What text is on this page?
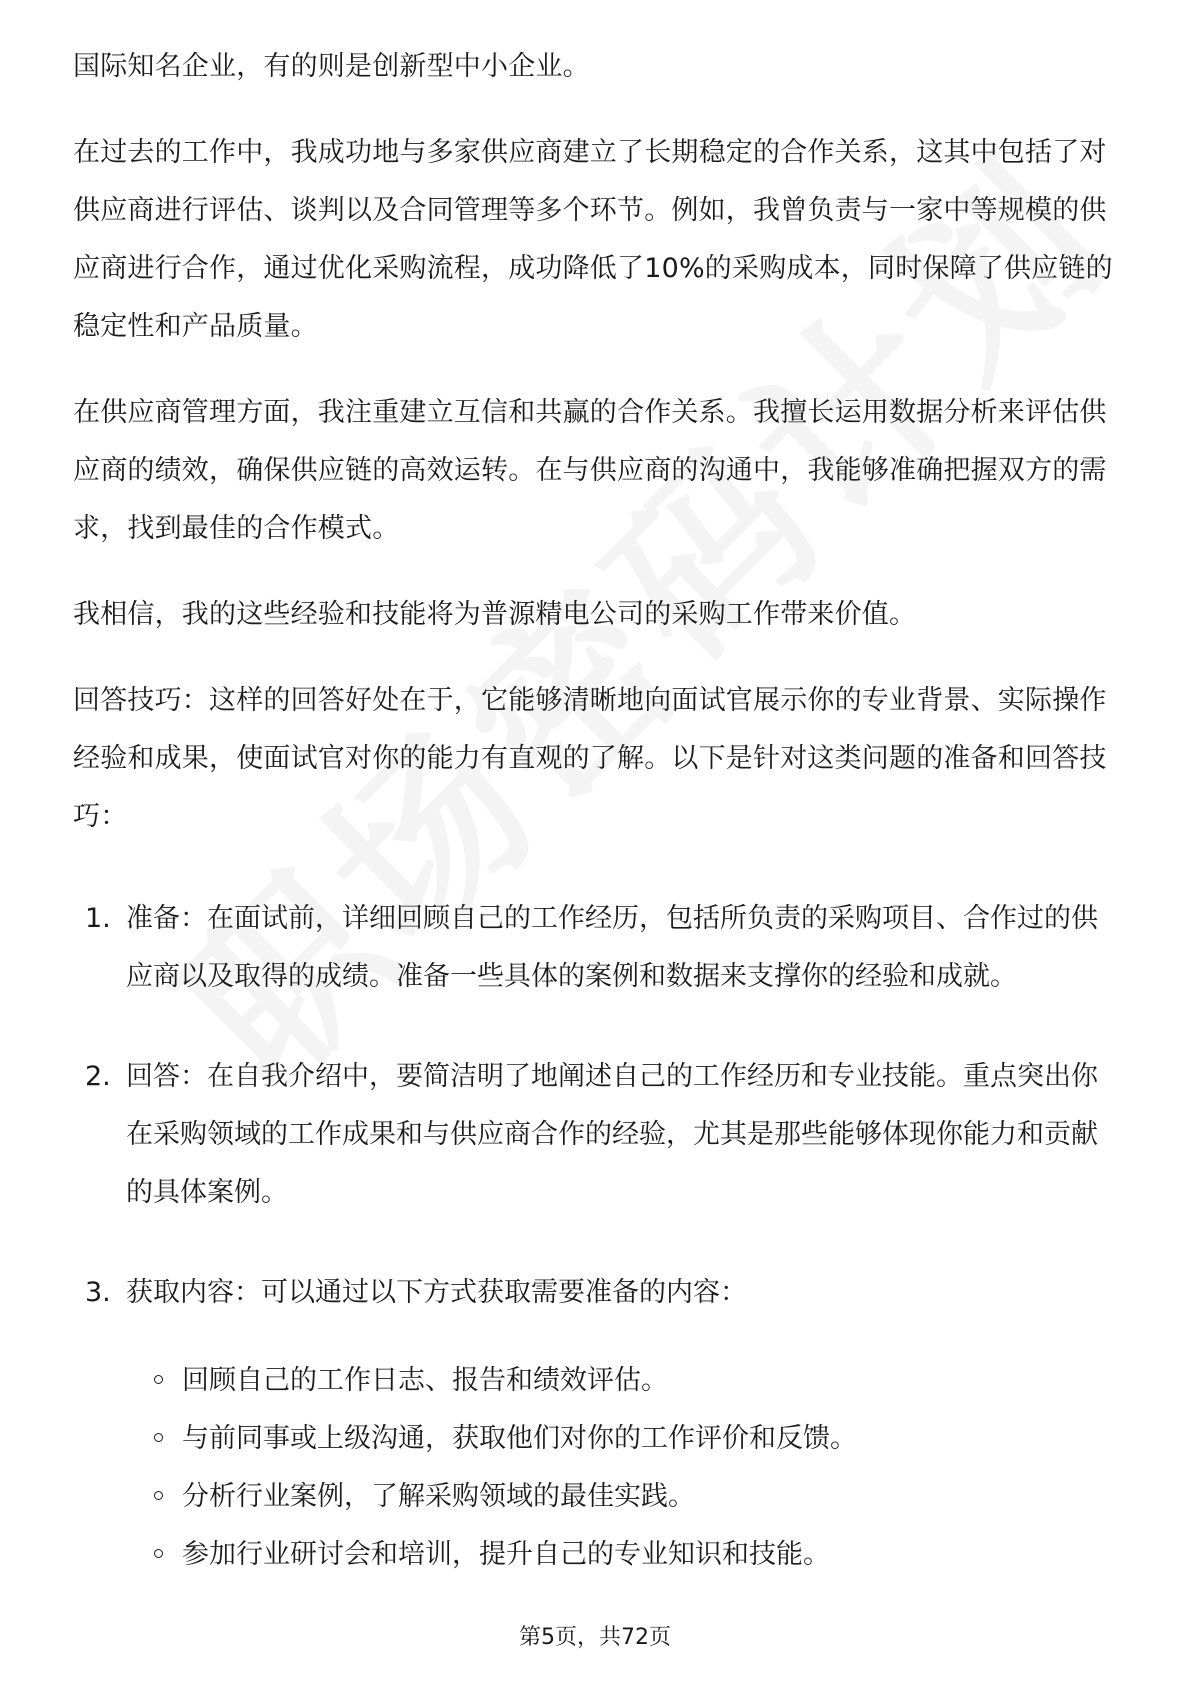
国际知名企业，有的则是创新型中小企业。

在过去的工作中，我成功地与多家供应商建立了长期稳定的合作关系，这其中包括了对供应商进行评估、谈判以及合同管理等多个环节。例如，我曾负责与一家中等规模的供应商进行合作，通过优化采购流程，成功降低了10%的采购成本，同时保障了供应链的稳定性和产品质量。

在供应商管理方面，我注重建立互信和共赢的合作关系。我擅长运用数据分析来评估供应商的绩效，确保供应链的高效运转。在与供应商的沟通中，我能够准确把握双方的需求，找到最佳的合作模式。

我相信，我的这些经验和技能将为普源精电公司的采购工作带来价值。

回答技巧：这样的回答好处在于，它能够清晰地向面试官展示你的专业背景、实际操作经验和成果，使面试官对你的能力有直观的了解。以下是针对这类问题的准备和回答技巧：

1. 准备：在面试前，详细回顾自己的工作经历，包括所负责的采购项目、合作过的供应商以及取得的成绩。准备一些具体的案例和数据来支撑你的经验和成就。
2. 回答：在自我介绍中，要简洁明了地阐述自己的工作经历和专业技能。重点突出你在采购领域的工作成果和与供应商合作的经验，尤其是那些能够体现你能力和贡献的具体案例。
3. 获取内容：可以通过以下方式获取需要准备的内容：
回顾自己的工作日志、报告和绩效评估。
与前同事或上级沟通，获取他们对你的工作评价和反馈。
分析行业案例，了解采购领域的最佳实践。
参加行业研讨会和培训，提升自己的专业知识和技能。
第5页，共72页
